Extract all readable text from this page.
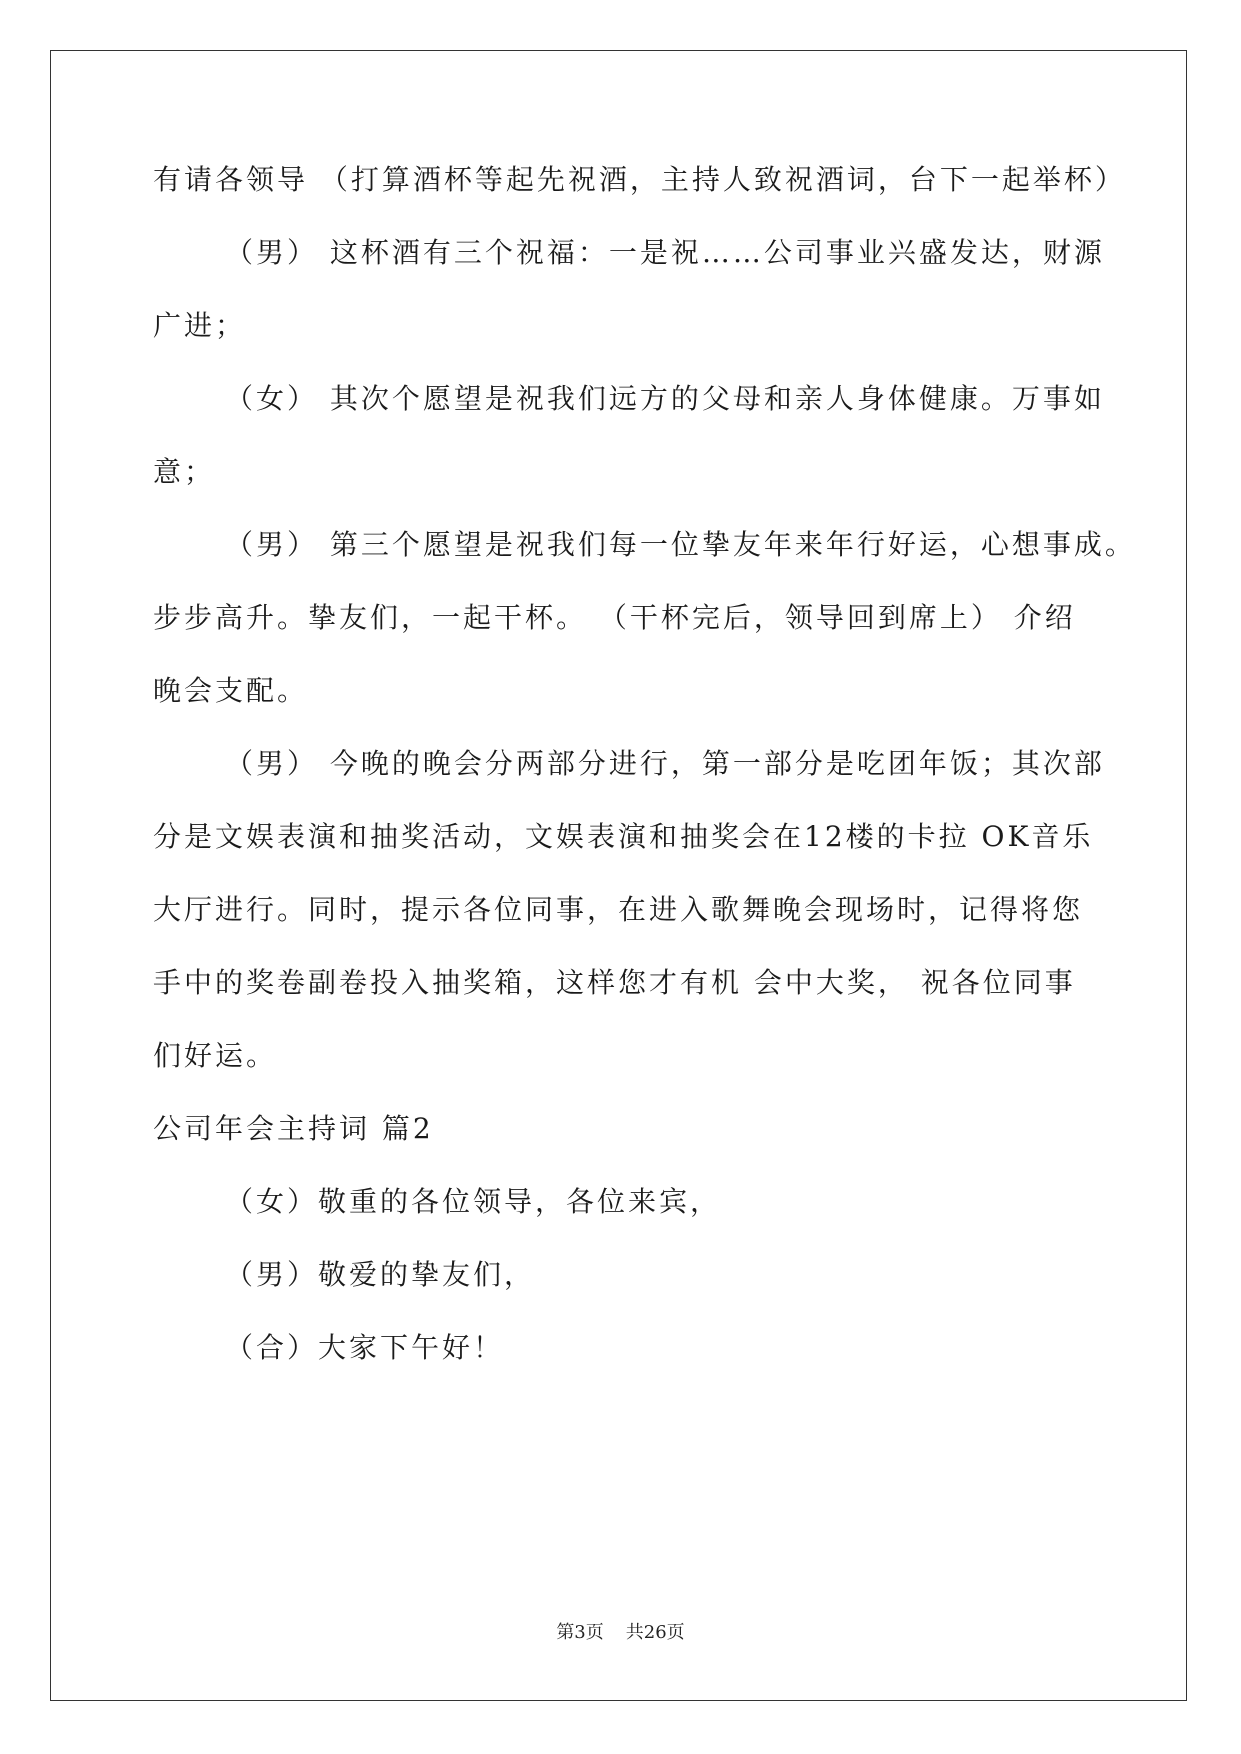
有请各领导 （打算酒杯等起先祝酒，主持人致祝酒词，台下一起举杯）
（男） 这杯酒有三个祝福：一是祝……公司事业兴盛发达，财源
广进；
（女） 其次个愿望是祝我们远方的父母和亲人身体健康。万事如
意；
（男） 第三个愿望是祝我们每一位挚友年来年行好运，心想事成。
步步高升。挚友们，一起干杯。 （干杯完后，领导回到席上） 介绍
晚会支配。
（男） 今晚的晚会分两部分进行，第一部分是吃团年饭；其次部
分是文娱表演和抽奖活动，文娱表演和抽奖会在12楼的卡拉 OK音乐
大厅进行。同时，提示各位同事，在进入歌舞晚会现场时，记得将您
手中的奖卷副卷投入抽奖箱，这样您才有机 会中大奖， 祝各位同事
们好运。
公司年会主持词 篇2
（女）敬重的各位领导，各位来宾，
（男）敬爱的挚友们，
（合）大家下午好！
第3页 共26页
